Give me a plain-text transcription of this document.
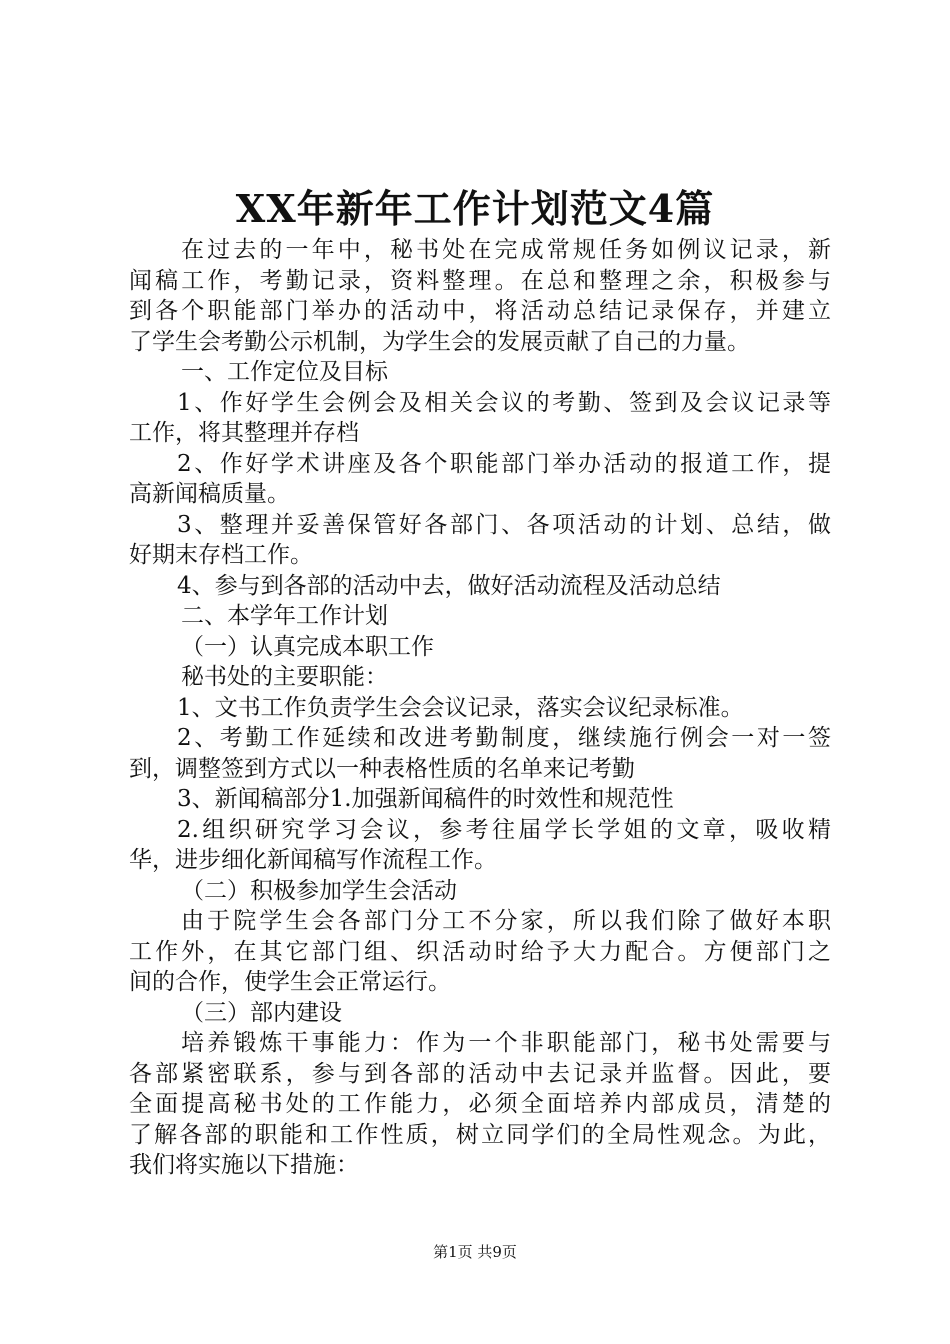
XX年新年工作计划范文4篇
在过去的一年中，秘书处在完成常规任务如例议记录，新
闻稿工作，考勤记录，资料整理。在总和整理之余，积极参与
到各个职能部门举办的活动中，将活动总结记录保存，并建立
了学生会考勤公示机制，为学生会的发展贡献了自己的力量。
一、工作定位及目标
1、作好学生会例会及相关会议的考勤、签到及会议记录等
工作，将其整理并存档
2、作好学术讲座及各个职能部门举办活动的报道工作，提
高新闻稿质量。
3、整理并妥善保管好各部门、各项活动的计划、总结，做
好期末存档工作。
4、参与到各部的活动中去，做好活动流程及活动总结
二、本学年工作计划
（一）认真完成本职工作
秘书处的主要职能：
1、文书工作负责学生会会议记录，落实会议纪录标准。
2、考勤工作延续和改进考勤制度，继续施行例会一对一签
到，调整签到方式以一种表格性质的名单来记考勤
3、新闻稿部分1.加强新闻稿件的时效性和规范性
2.组织研究学习会议，参考往届学长学姐的文章，吸收精
华，进步细化新闻稿写作流程工作。
（二）积极参加学生会活动
由于院学生会各部门分工不分家，所以我们除了做好本职
工作外，在其它部门组、织活动时给予大力配合。方便部门之
间的合作，使学生会正常运行。
（三）部内建设
培养锻炼干事能力：作为一个非职能部门，秘书处需要与
各部紧密联系，参与到各部的活动中去记录并监督。因此，要
全面提高秘书处的工作能力，必须全面培养内部成员，清楚的
了解各部的职能和工作性质，树立同学们的全局性观念。为此，
我们将实施以下措施：
第1页 共9页
